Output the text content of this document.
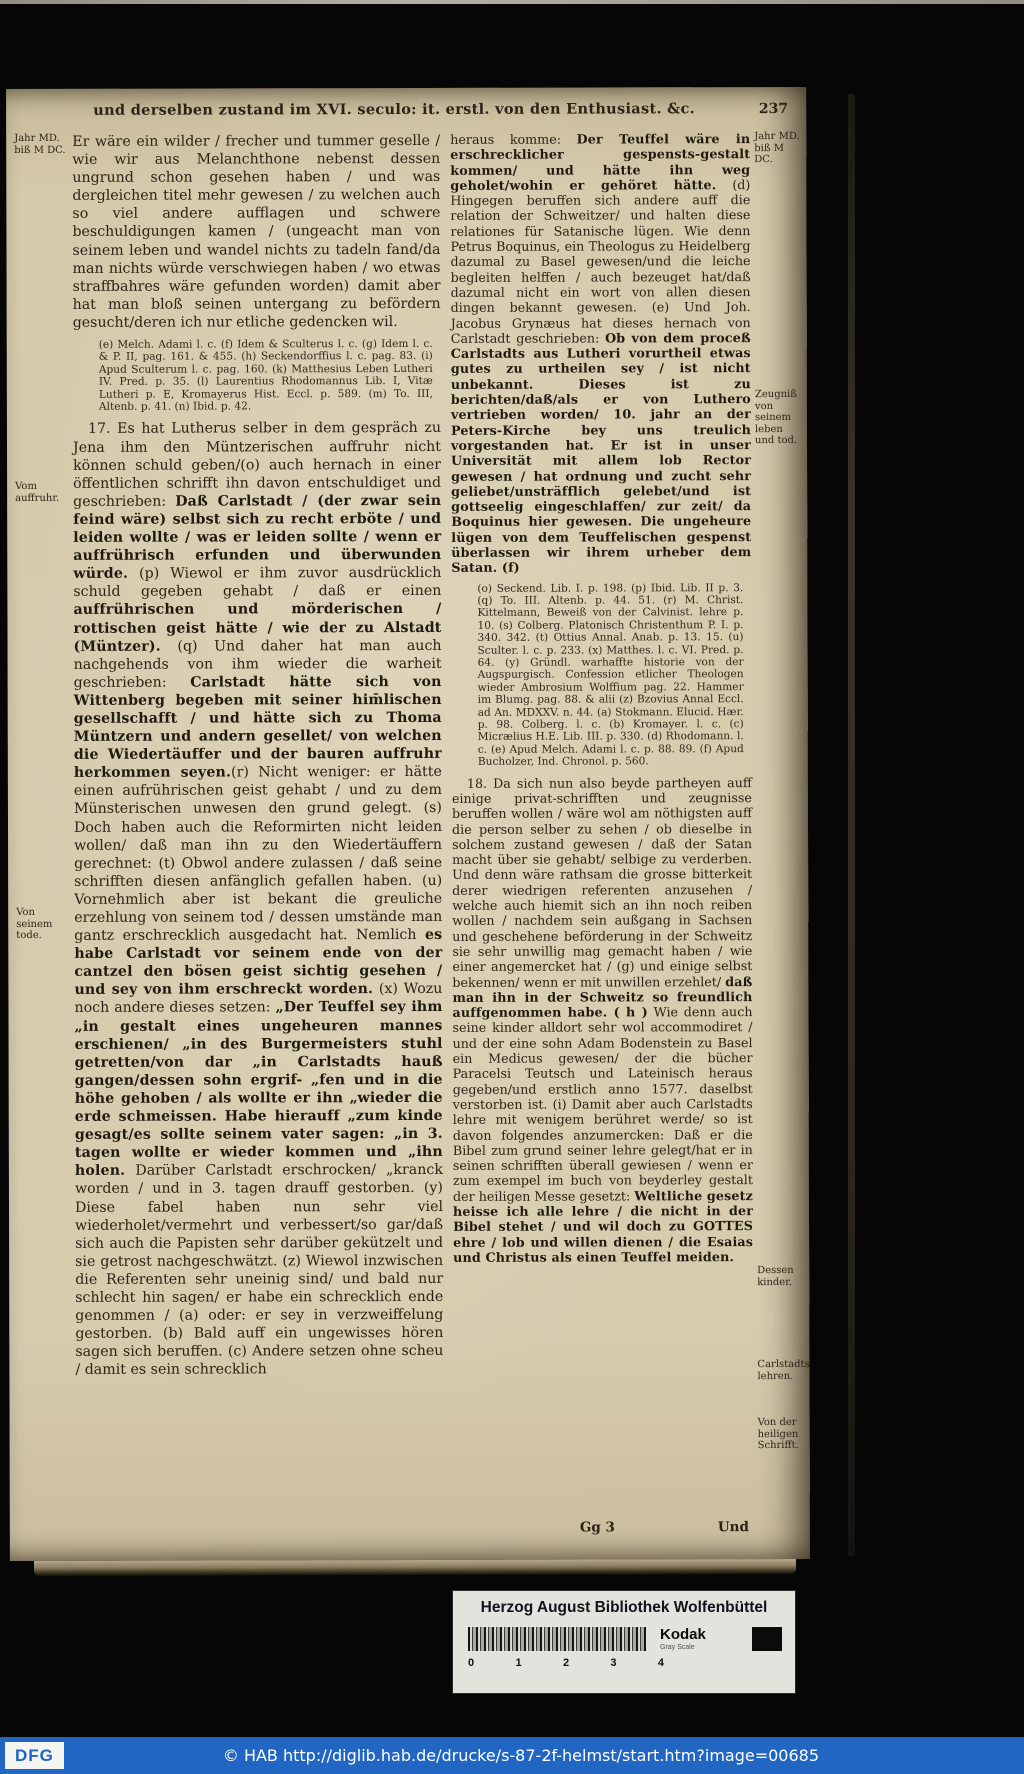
und derselben zustand im XVI. seculo: it. erstl. von den Enthusiast. &c.	237
Jahr MD. biß M DC.
Vom auffruhr.
Von seinem tode.
Jahr MD. biß M DC.
Zeugniß von seinem leben und tod.
Dessen kinder.
Carlstadts lehren.
Von der heiligen Schrifft.

Er wäre ein wilder / frecher und tummer geselle / wie wir aus Melanchthone nebenst dessen ungrund schon gesehen haben / und was dergleichen titel mehr gewesen / zu welchen auch so viel andere aufflagen und schwere beschuldigungen kamen / (ungeacht man von seinem leben und wandel nichts zu tadeln fand/da man nichts würde verschwiegen haben / wo etwas straffbahres wäre gefunden worden) damit aber hat man bloß seinen untergang zu befördern gesucht/deren ich nur etliche gedencken wil.

(e) Melch. Adami l. c. (f) Idem & Sculterus l. c. (g) Idem l. c. & P. II, pag. 161. & 455. (h) Seckendorffius l. c. pag. 83. (i) Apud Sculterum l. c. pag. 160. (k) Matthesius Leben Lutheri IV. Pred. p. 35. (l) Laurentius Rhodomannus Lib. I, Vitæ Lutheri p. E, Kromayerus Hist. Eccl. p. 589. (m) To. III, Altenb. p. 41. (n) Ibid. p. 42.

17. Es hat Lutherus selber in dem gespräch zu Jena ihm den Müntzerischen auffruhr nicht können schuld geben/(o) auch hernach in einer öffentlichen schrifft ihn davon entschuldiget und geschrieben: Daß Carlstadt / (der zwar sein feind wäre) selbst sich zu recht erböte / und leiden wollte / was er leiden sollte / wenn er auffrührisch erfunden und überwunden würde. (p) Wiewol er ihm zuvor ausdrücklich schuld gegeben gehabt / daß er einen auffrührischen und mörderischen / rottischen geist hätte / wie der zu Alstadt (Müntzer). (q) Und daher hat man auch nachgehends von ihm wieder die warheit geschrieben: Carlstadt hätte sich von Wittenberg begeben mit seiner him̄lischen gesellschafft / und hätte sich zu Thoma Müntzern und andern gesellet/ von welchen die Wiedertäuffer und der bauren auffruhr herkommen seyen.(r) Nicht weniger: er hätte einen aufrührischen geist gehabt / und zu dem Münsterischen unwesen den grund gelegt. (s) Doch haben auch die Reformirten nicht leiden wollen/ daß man ihn zu den Wiedertäuffern gerechnet: (t) Obwol andere zulassen / daß seine schrifften diesen anfänglich gefallen haben. (u) Vornehmlich aber ist bekant die greuliche erzehlung von seinem tod / dessen umstände man gantz erschrecklich ausgedacht hat. Nemlich es habe Carlstadt vor seinem ende von der cantzel den bösen geist sichtig gesehen / und sey von ihm erschreckt worden. (x) Wozu noch andere dieses setzen: „Der Teuffel sey ihm „in gestalt eines ungeheuren mannes erschienen/ „in des Burgermeisters stuhl getretten/von dar „in Carlstadts hauß gangen/dessen sohn ergrif- „fen und in die höhe gehoben / als wollte er ihn „wieder die erde schmeissen. Habe hierauff „zum kinde gesagt/es sollte seinem vater sagen: „in 3. tagen wollte er wieder kommen und „ihn holen. Darüber Carlstadt erschrocken/ „kranck worden / und in 3. tagen drauff gestorben. (y) Diese fabel haben nun sehr viel wiederholet/vermehrt und verbessert/so gar/daß sich auch die Papisten sehr darüber gekützelt und sie getrost nachgeschwätzt. (z) Wiewol inzwischen die Referenten sehr uneinig sind/ und bald nur schlecht hin sagen/ er habe ein schrecklich ende genommen / (a) oder: er sey in verzweiffelung gestorben. (b) Bald auff ein ungewisses hören sagen sich beruffen. (c) Andere setzen ohne scheu / damit es sein schrecklich

heraus komme: Der Teuffel wäre in erschrecklicher gespensts-gestalt kommen/ und hätte ihn weg geholet/wohin er gehöret hätte. (d) Hingegen beruffen sich andere auff die relation der Schweitzer/ und halten diese relationes für Satanische lügen. Wie denn Petrus Boquinus, ein Theologus zu Heidelberg dazumal zu Basel gewesen/und die leiche begleiten helffen / auch bezeuget hat/daß dazumal nicht ein wort von allen diesen dingen bekannt gewesen. (e) Und Joh. Jacobus Grynæus hat dieses hernach von Carlstadt geschrieben: Ob von dem proceß Carlstadts aus Lutheri vorurtheil etwas gutes zu urtheilen sey / ist nicht unbekannt. Dieses ist zu berichten/daß/als er von Luthero vertrieben worden/ 10. jahr an der Peters-Kirche bey uns treulich vorgestanden hat. Er ist in unser Universität mit allem lob Rector gewesen / hat ordnung und zucht sehr geliebet/unsträfflich gelebet/und ist gottseelig eingeschlaffen/ zur zeit/ da Boquinus hier gewesen. Die ungeheure lügen von dem Teuffelischen gespenst überlassen wir ihrem urheber dem Satan. (f)

(o) Seckend. Lib. I. p. 198. (p) Ibid. Lib. II p. 3. (q) To. III. Altenb. p. 44. 51. (r) M. Christ. Kittelmann, Beweiß von der Calvinist. lehre p. 10. (s) Colberg. Platonisch Christenthum P. I. p. 340. 342. (t) Ottius Annal. Anab. p. 13. 15. (u) Sculter. l. c. p. 233. (x) Matthes. l. c. VI. Pred. p. 64. (y) Gründl. warhaffte historie von der Augspurgisch. Confession etlicher Theologen wieder Ambrosium Wolffium pag. 22. Hammer im Blumg. pag. 88. & alii (z) Bzovius Annal Eccl. ad An. MDXXV. n. 44. (a) Stokmann. Elucid. Hær. p. 98. Colberg. l. c. (b) Kromayer. l. c. (c) Micrælius H.E. Lib. III. p. 330. (d) Rhodomann. l. c. (e) Apud Melch. Adami l. c. p. 88. 89. (f) Apud Bucholzer, Ind. Chronol. p. 560.

18. Da sich nun also beyde partheyen auff einige privat-schrifften und zeugnisse beruffen wollen / wäre wol am nöthigsten auff die person selber zu sehen / ob dieselbe in solchem zustand gewesen / daß der Satan macht über sie gehabt/ selbige zu verderben. Und denn wäre rathsam die grosse bitterkeit derer wiedrigen referenten anzusehen / welche auch hiemit sich an ihn noch reiben wollen / nachdem sein außgang in Sachsen und geschehene beförderung in der Schweitz sie sehr unwillig mag gemacht haben / wie einer angemercket hat / (g) und einige selbst bekennen/ wenn er mit unwillen erzehlet/ daß man ihn in der Schweitz so freundlich auffgenommen habe. ( h ) Wie denn auch seine kinder alldort sehr wol accommodiret / und der eine sohn Adam Bodenstein zu Basel ein Medicus gewesen/ der die bücher Paracelsi Teutsch und Lateinisch heraus gegeben/und erstlich anno 1577. daselbst verstorben ist. (i) Damit aber auch Carlstadts lehre mit wenigem berühret werde/ so ist davon folgendes anzumercken: Daß er die Bibel zum grund seiner lehre gelegt/hat er in seinen schrifften überall gewiesen / wenn er zum exempel im buch von beyderley gestalt der heiligen Messe gesetzt: Weltliche gesetz heisse ich alle lehre / die nicht in der Bibel stehet / und wil doch zu GOTTES ehre / lob und willen dienen / die Esaias und Christus als einen Teuffel meiden.

Gg 3	Und
Herzog August Bibliothek Wolfenbüttel
Kodak
Gray Scale
0	1	2	3	4
DFG	© HAB http://diglib.hab.de/drucke/s-87-2f-helmst/start.htm?image=00685
